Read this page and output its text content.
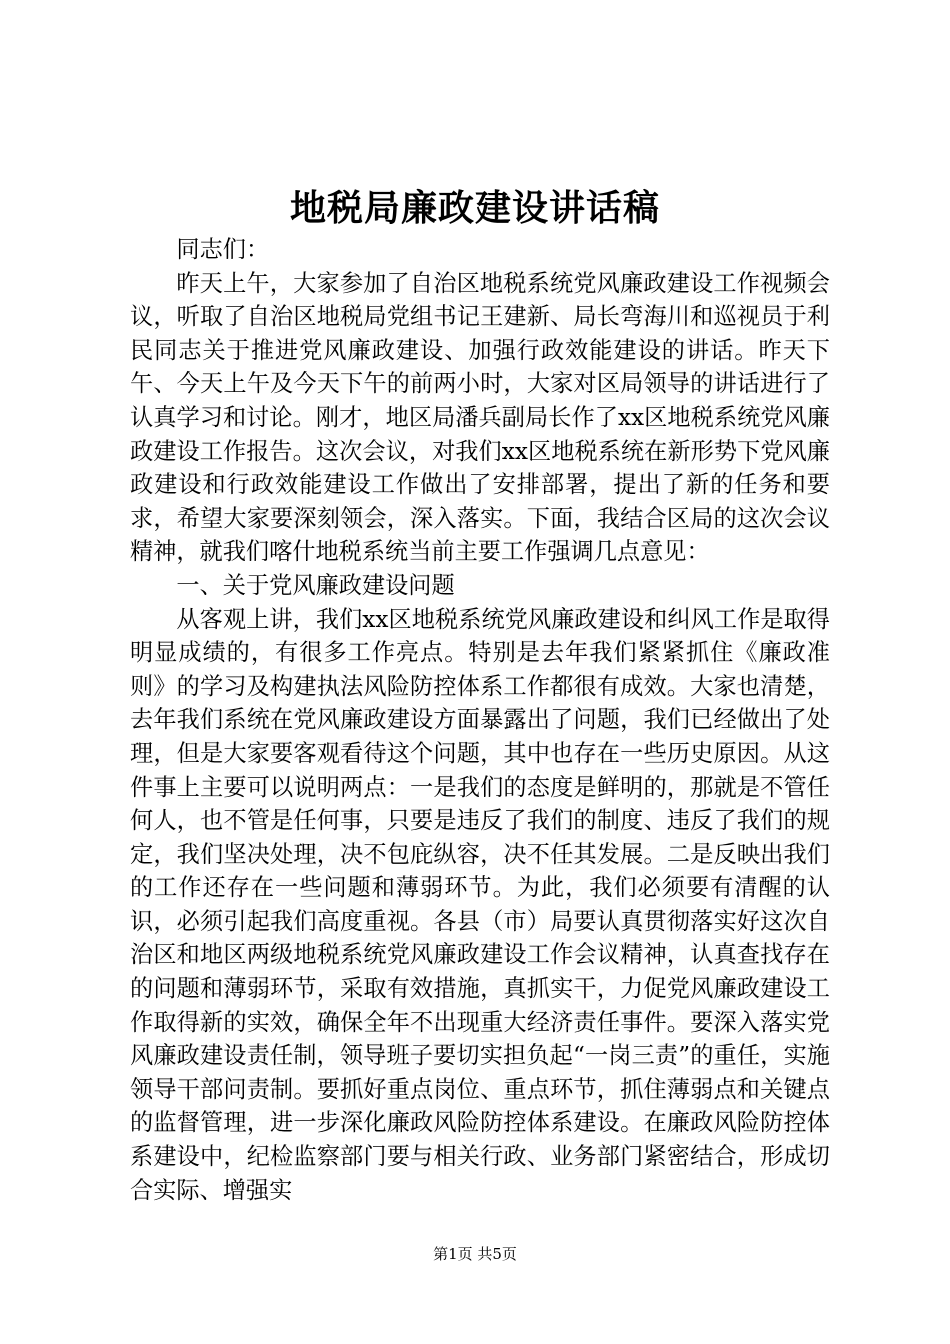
地税局廉政建设讲话稿

同志们：

昨天上午，大家参加了自治区地税系统党风廉政建设工作视频会议，听取了自治区地税局党组书记王建新、局长弯海川和巡视员于利民同志关于推进党风廉政建设、加强行政效能建设的讲话。昨天下午、今天上午及今天下午的前两小时，大家对区局领导的讲话进行了认真学习和讨论。刚才，地区局潘兵副局长作了xx区地税系统党风廉政建设工作报告。这次会议，对我们xx区地税系统在新形势下党风廉政建设和行政效能建设工作做出了安排部署，提出了新的任务和要求，希望大家要深刻领会，深入落实。下面，我结合区局的这次会议精神，就我们喀什地税系统当前主要工作强调几点意见：

一、关于党风廉政建设问题

从客观上讲，我们xx区地税系统党风廉政建设和纠风工作是取得明显成绩的，有很多工作亮点。特别是去年我们紧紧抓住《廉政准则》的学习及构建执法风险防控体系工作都很有成效。大家也清楚，去年我们系统在党风廉政建设方面暴露出了问题，我们已经做出了处理，但是大家要客观看待这个问题，其中也存在一些历史原因。从这件事上主要可以说明两点：一是我们的态度是鲜明的，那就是不管任何人，也不管是任何事，只要是违反了我们的制度、违反了我们的规定，我们坚决处理，决不包庇纵容，决不任其发展。二是反映出我们的工作还存在一些问题和薄弱环节。为此，我们必须要有清醒的认识，必须引起我们高度重视。各县（市）局要认真贯彻落实好这次自治区和地区两级地税系统党风廉政建设工作会议精神，认真查找存在的问题和薄弱环节，采取有效措施，真抓实干，力促党风廉政建设工作取得新的实效，确保全年不出现重大经济责任事件。要深入落实党风廉政建设责任制，领导班子要切实担负起“一岗三责”的重任，实施领导干部问责制。要抓好重点岗位、重点环节，抓住薄弱点和关键点的监督管理，进一步深化廉政风险防控体系建设。在廉政风险防控体系建设中，纪检监察部门要与相关行政、业务部门紧密结合，形成切合实际、增强实

第1页 共5页
